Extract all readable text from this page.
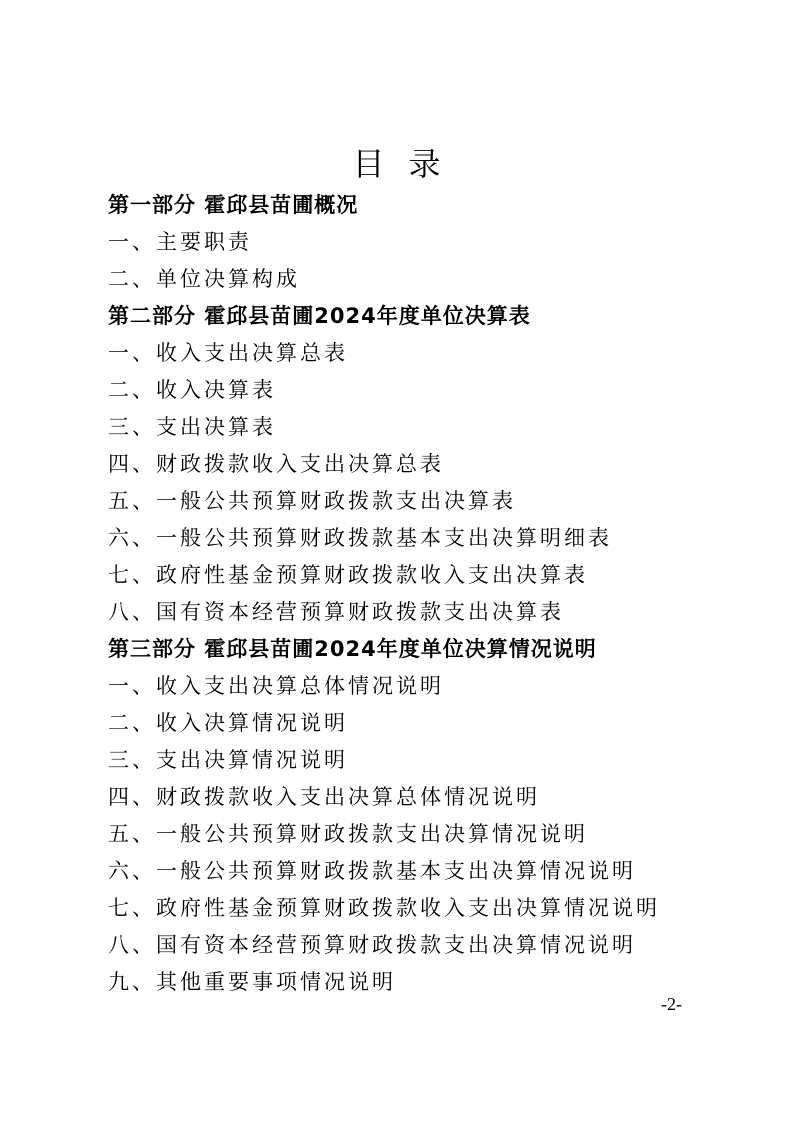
目录
第一部分 霍邱县苗圃概况
一、主要职责
二、单位决算构成
第二部分 霍邱县苗圃2024年度单位决算表
一、收入支出决算总表
二、收入决算表
三、支出决算表
四、财政拨款收入支出决算总表
五、一般公共预算财政拨款支出决算表
六、一般公共预算财政拨款基本支出决算明细表
七、政府性基金预算财政拨款收入支出决算表
八、国有资本经营预算财政拨款支出决算表
第三部分 霍邱县苗圃2024年度单位决算情况说明
一、收入支出决算总体情况说明
二、收入决算情况说明
三、支出决算情况说明
四、财政拨款收入支出决算总体情况说明
五、一般公共预算财政拨款支出决算情况说明
六、一般公共预算财政拨款基本支出决算情况说明
七、政府性基金预算财政拨款收入支出决算情况说明
八、国有资本经营预算财政拨款支出决算情况说明
九、其他重要事项情况说明
-2-
